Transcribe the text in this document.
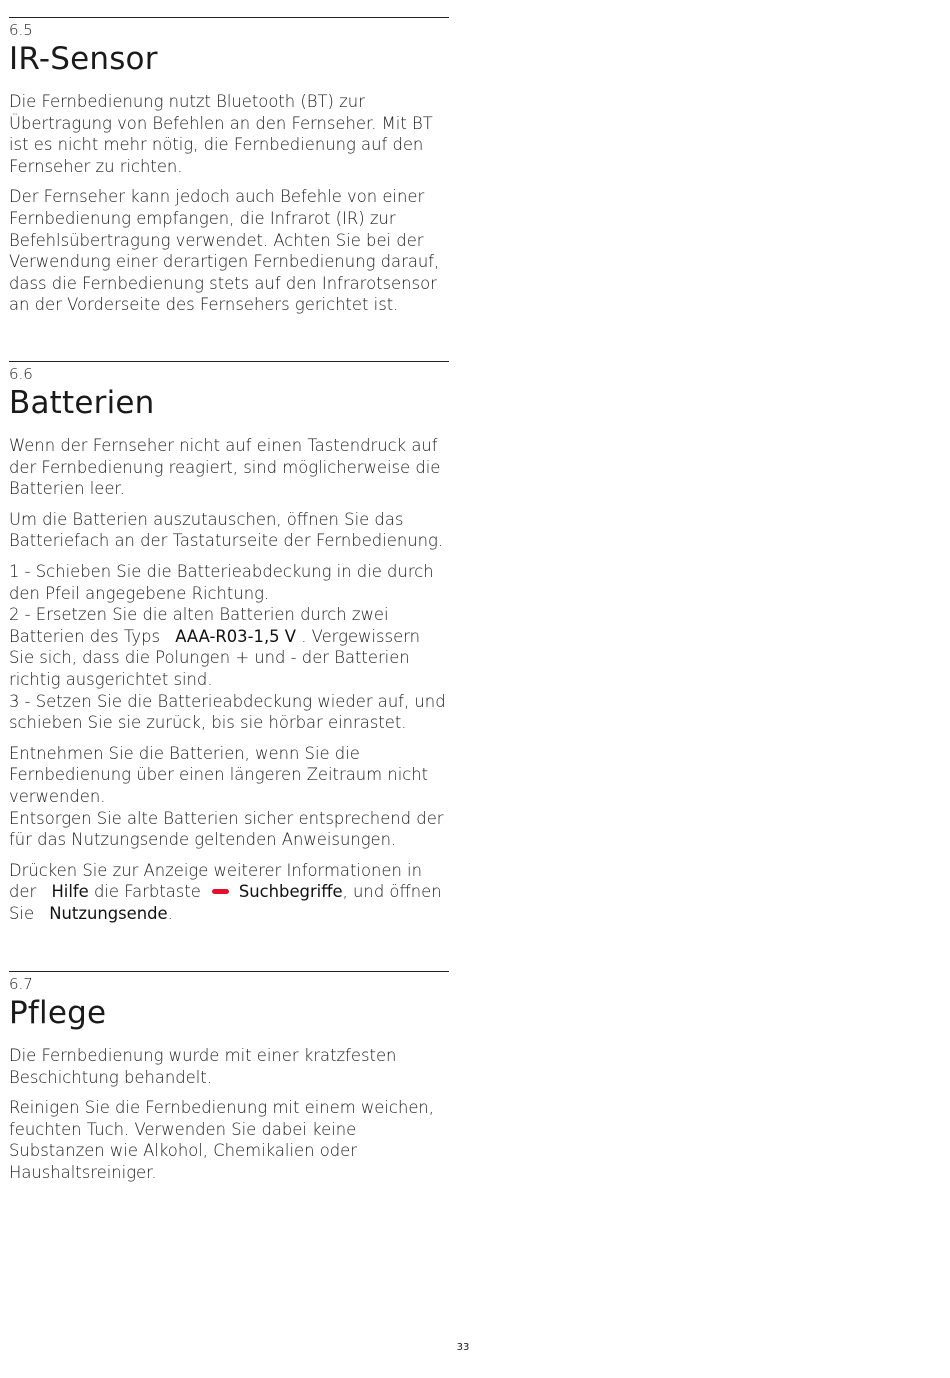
6.5
IR-Sensor

Die Fernbedienung nutzt Bluetooth (BT) zur Übertragung von Befehlen an den Fernseher. Mit BT ist es nicht mehr nötig, die Fernbedienung auf den Fernseher zu richten.

Der Fernseher kann jedoch auch Befehle von einer Fernbedienung empfangen, die Infrarot (IR) zur Befehlsübertragung verwendet. Achten Sie bei der Verwendung einer derartigen Fernbedienung darauf, dass die Fernbedienung stets auf den Infrarotsensor an der Vorderseite des Fernsehers gerichtet ist.

6.6
Batterien

Wenn der Fernseher nicht auf einen Tastendruck auf der Fernbedienung reagiert, sind möglicherweise die Batterien leer.

Um die Batterien auszutauschen, öffnen Sie das Batteriefach an der Tastaturseite der Fernbedienung.

1 - Schieben Sie die Batterieabdeckung in die durch den Pfeil angegebene Richtung.

2 - Ersetzen Sie die alten Batterien durch zwei Batterien des Typs AAA-R03-1,5 V . Vergewissern Sie sich, dass die Polungen + und - der Batterien richtig ausgerichtet sind.

3 - Setzen Sie die Batterieabdeckung wieder auf, und schieben Sie sie zurück, bis sie hörbar einrastet.

Entnehmen Sie die Batterien, wenn Sie die Fernbedienung über einen längeren Zeitraum nicht verwenden.
Entsorgen Sie alte Batterien sicher entsprechend der für das Nutzungsende geltenden Anweisungen.

Drücken Sie zur Anzeige weiterer Informationen in der Hilfe die Farbtaste Suchbegriffe, und öffnen Sie Nutzungsende.

6.7
Pflege

Die Fernbedienung wurde mit einer kratzfesten Beschichtung behandelt.

Reinigen Sie die Fernbedienung mit einem weichen, feuchten Tuch. Verwenden Sie dabei keine Substanzen wie Alkohol, Chemikalien oder Haushaltsreiniger.

33
